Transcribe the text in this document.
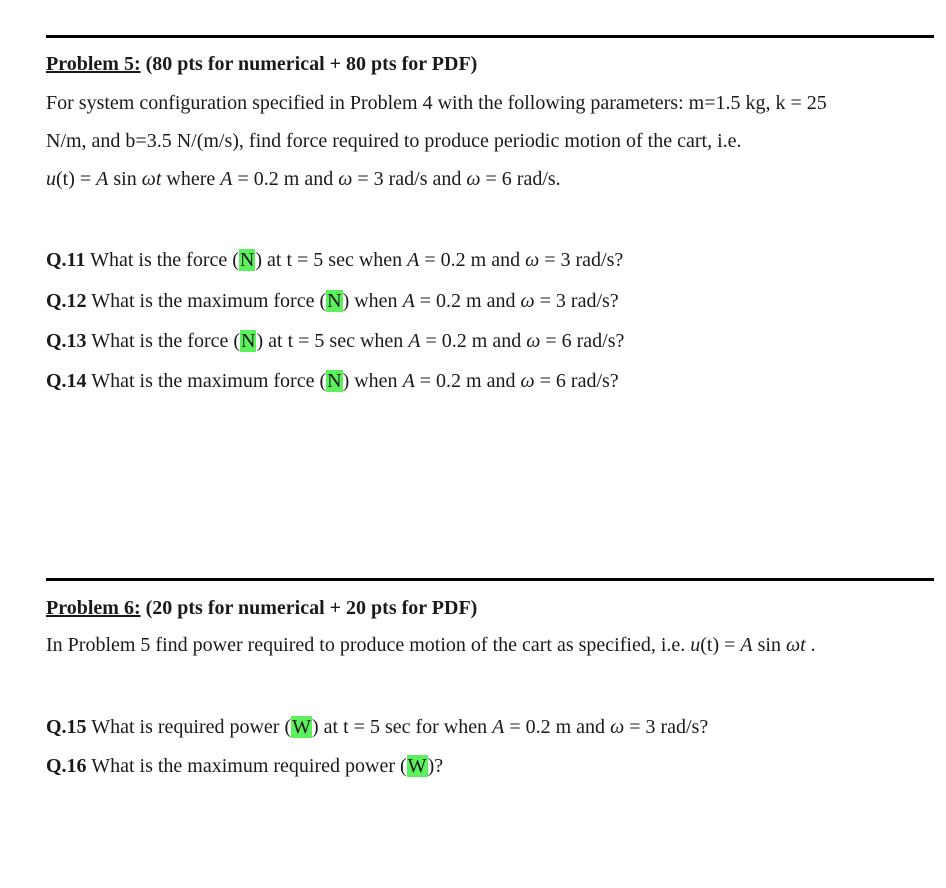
Problem 5: (80 pts for numerical + 80 pts for PDF)
For system configuration specified in Problem 4 with the following parameters: m=1.5 kg, k = 25
N/m, and b=3.5 N/(m/s), find force required to produce periodic motion of the cart, i.e.
u(t) = A sin ωt where A = 0.2 m and ω = 3 rad/s and ω = 6 rad/s.
Q.11 What is the force (N) at t = 5 sec when A = 0.2 m and ω = 3 rad/s?
Q.12 What is the maximum force (N) when A = 0.2 m and ω = 3 rad/s?
Q.13 What is the force (N) at t = 5 sec when A = 0.2 m and ω = 6 rad/s?
Q.14 What is the maximum force (N) when A = 0.2 m and ω = 6 rad/s?
Problem 6: (20 pts for numerical + 20 pts for PDF)
In Problem 5 find power required to produce motion of the cart as specified, i.e. u(t) = A sin ωt .
Q.15 What is required power (W) at t = 5 sec for when A = 0.2 m and ω = 3 rad/s?
Q.16 What is the maximum required power (W)?
